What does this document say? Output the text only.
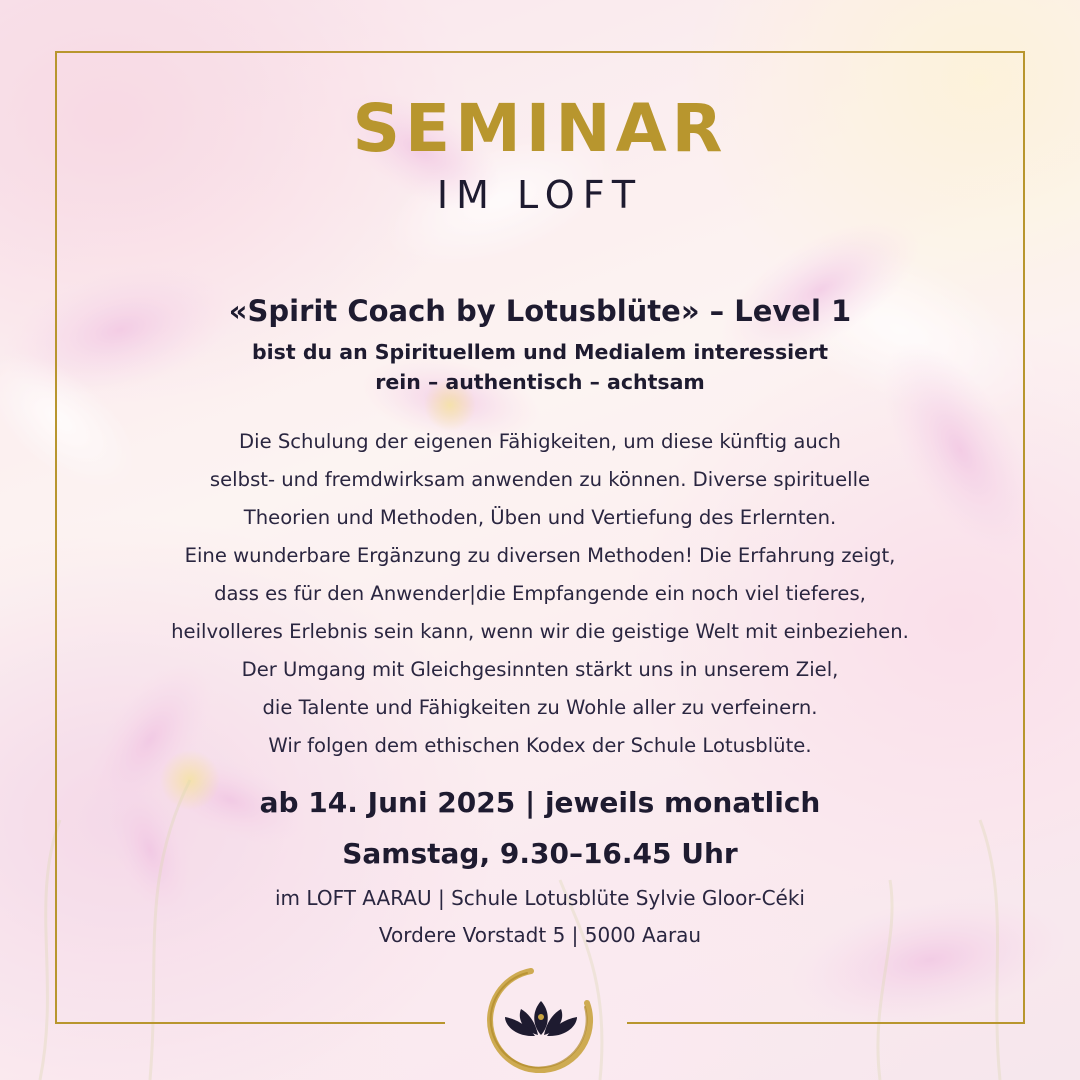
SEMINAR
IM LOFT
«Spirit Coach by Lotusblüte» – Level 1
bist du an Spirituellem und Medialem interessiert
rein – authentisch – achtsam
Die Schulung der eigenen Fähigkeiten, um diese künftig auch
selbst- und fremdwirksam anwenden zu können. Diverse spirituelle
Theorien und Methoden, Üben und Vertiefung des Erlernten.
Eine wunderbare Ergänzung zu diversen Methoden! Die Erfahrung zeigt,
dass es für den Anwender|die Empfangende ein noch viel tieferes,
heilvolleres Erlebnis sein kann, wenn wir die geistige Welt mit einbeziehen.
Der Umgang mit Gleichgesinnten stärkt uns in unserem Ziel,
die Talente und Fähigkeiten zu Wohle aller zu verfeinern.
Wir folgen dem ethischen Kodex der Schule Lotusblüte.
ab 14. Juni 2025 | jeweils monatlich
Samstag, 9.30–16.45 Uhr
im LOFT AARAU | Schule Lotusblüte Sylvie Gloor-Céki
Vordere Vorstadt 5 | 5000 Aarau
